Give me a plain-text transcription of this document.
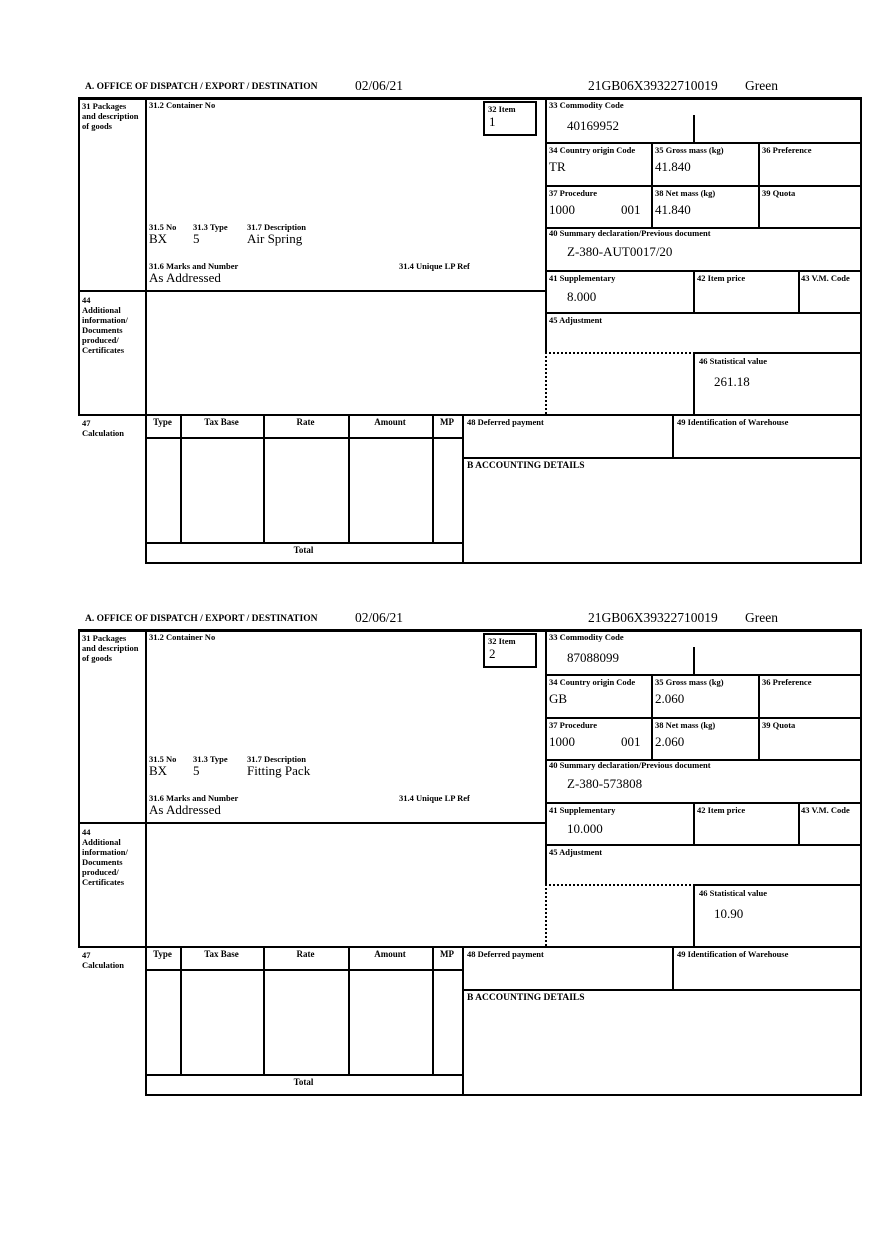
A. OFFICE OF DISPATCH / EXPORT / DESTINATION	02/06/21	21GB06X39322710019 Green
31 Packages and description of goods
31.2 Container No	32 Item
1
33 Commodity Code
40169952
34 Country origin Code
TR
35 Gross mass (kg)
41.840
36 Preference
37 Procedure
1000	001
38 Net mass (kg)
41.840
39 Quota
31.5 No 31.3 Type 31.7 Description
BX 5	Air Spring
31.6 Marks and Number
As Addressed
31.4 Unique LP Ref
40 Summary declaration/Previous document
Z-380-AUT0017/20
41 Supplementary
8.000
42 Item price	43 V.M. Code
44
Additional information/ Documents produced/ Certificates
45 Adjustment
46 Statistical value
261.18
47
Calculation
Type	Tax Base	Rate	Amount	MP
Total
48 Deferred payment	49 Identification of Warehouse
B ACCOUNTING DETAILS
A. OFFICE OF DISPATCH / EXPORT / DESTINATION	02/06/21	21GB06X39322710019 Green
31 Packages and description of goods
31.2 Container No	32 Item
2
33 Commodity Code
87088099
34 Country origin Code
GB
35 Gross mass (kg)
2.060
36 Preference
37 Procedure
1000	001
38 Net mass (kg)
2.060
39 Quota
31.5 No 31.3 Type 31.7 Description
BX 5	Fitting Pack
31.6 Marks and Number
As Addressed
31.4 Unique LP Ref
40 Summary declaration/Previous document
Z-380-573808
41 Supplementary
10.000
42 Item price	43 V.M. Code
44
Additional information/ Documents produced/ Certificates
45 Adjustment
46 Statistical value
10.90
47
Calculation
Type	Tax Base	Rate	Amount	MP
Total
48 Deferred payment	49 Identification of Warehouse
B ACCOUNTING DETAILS
